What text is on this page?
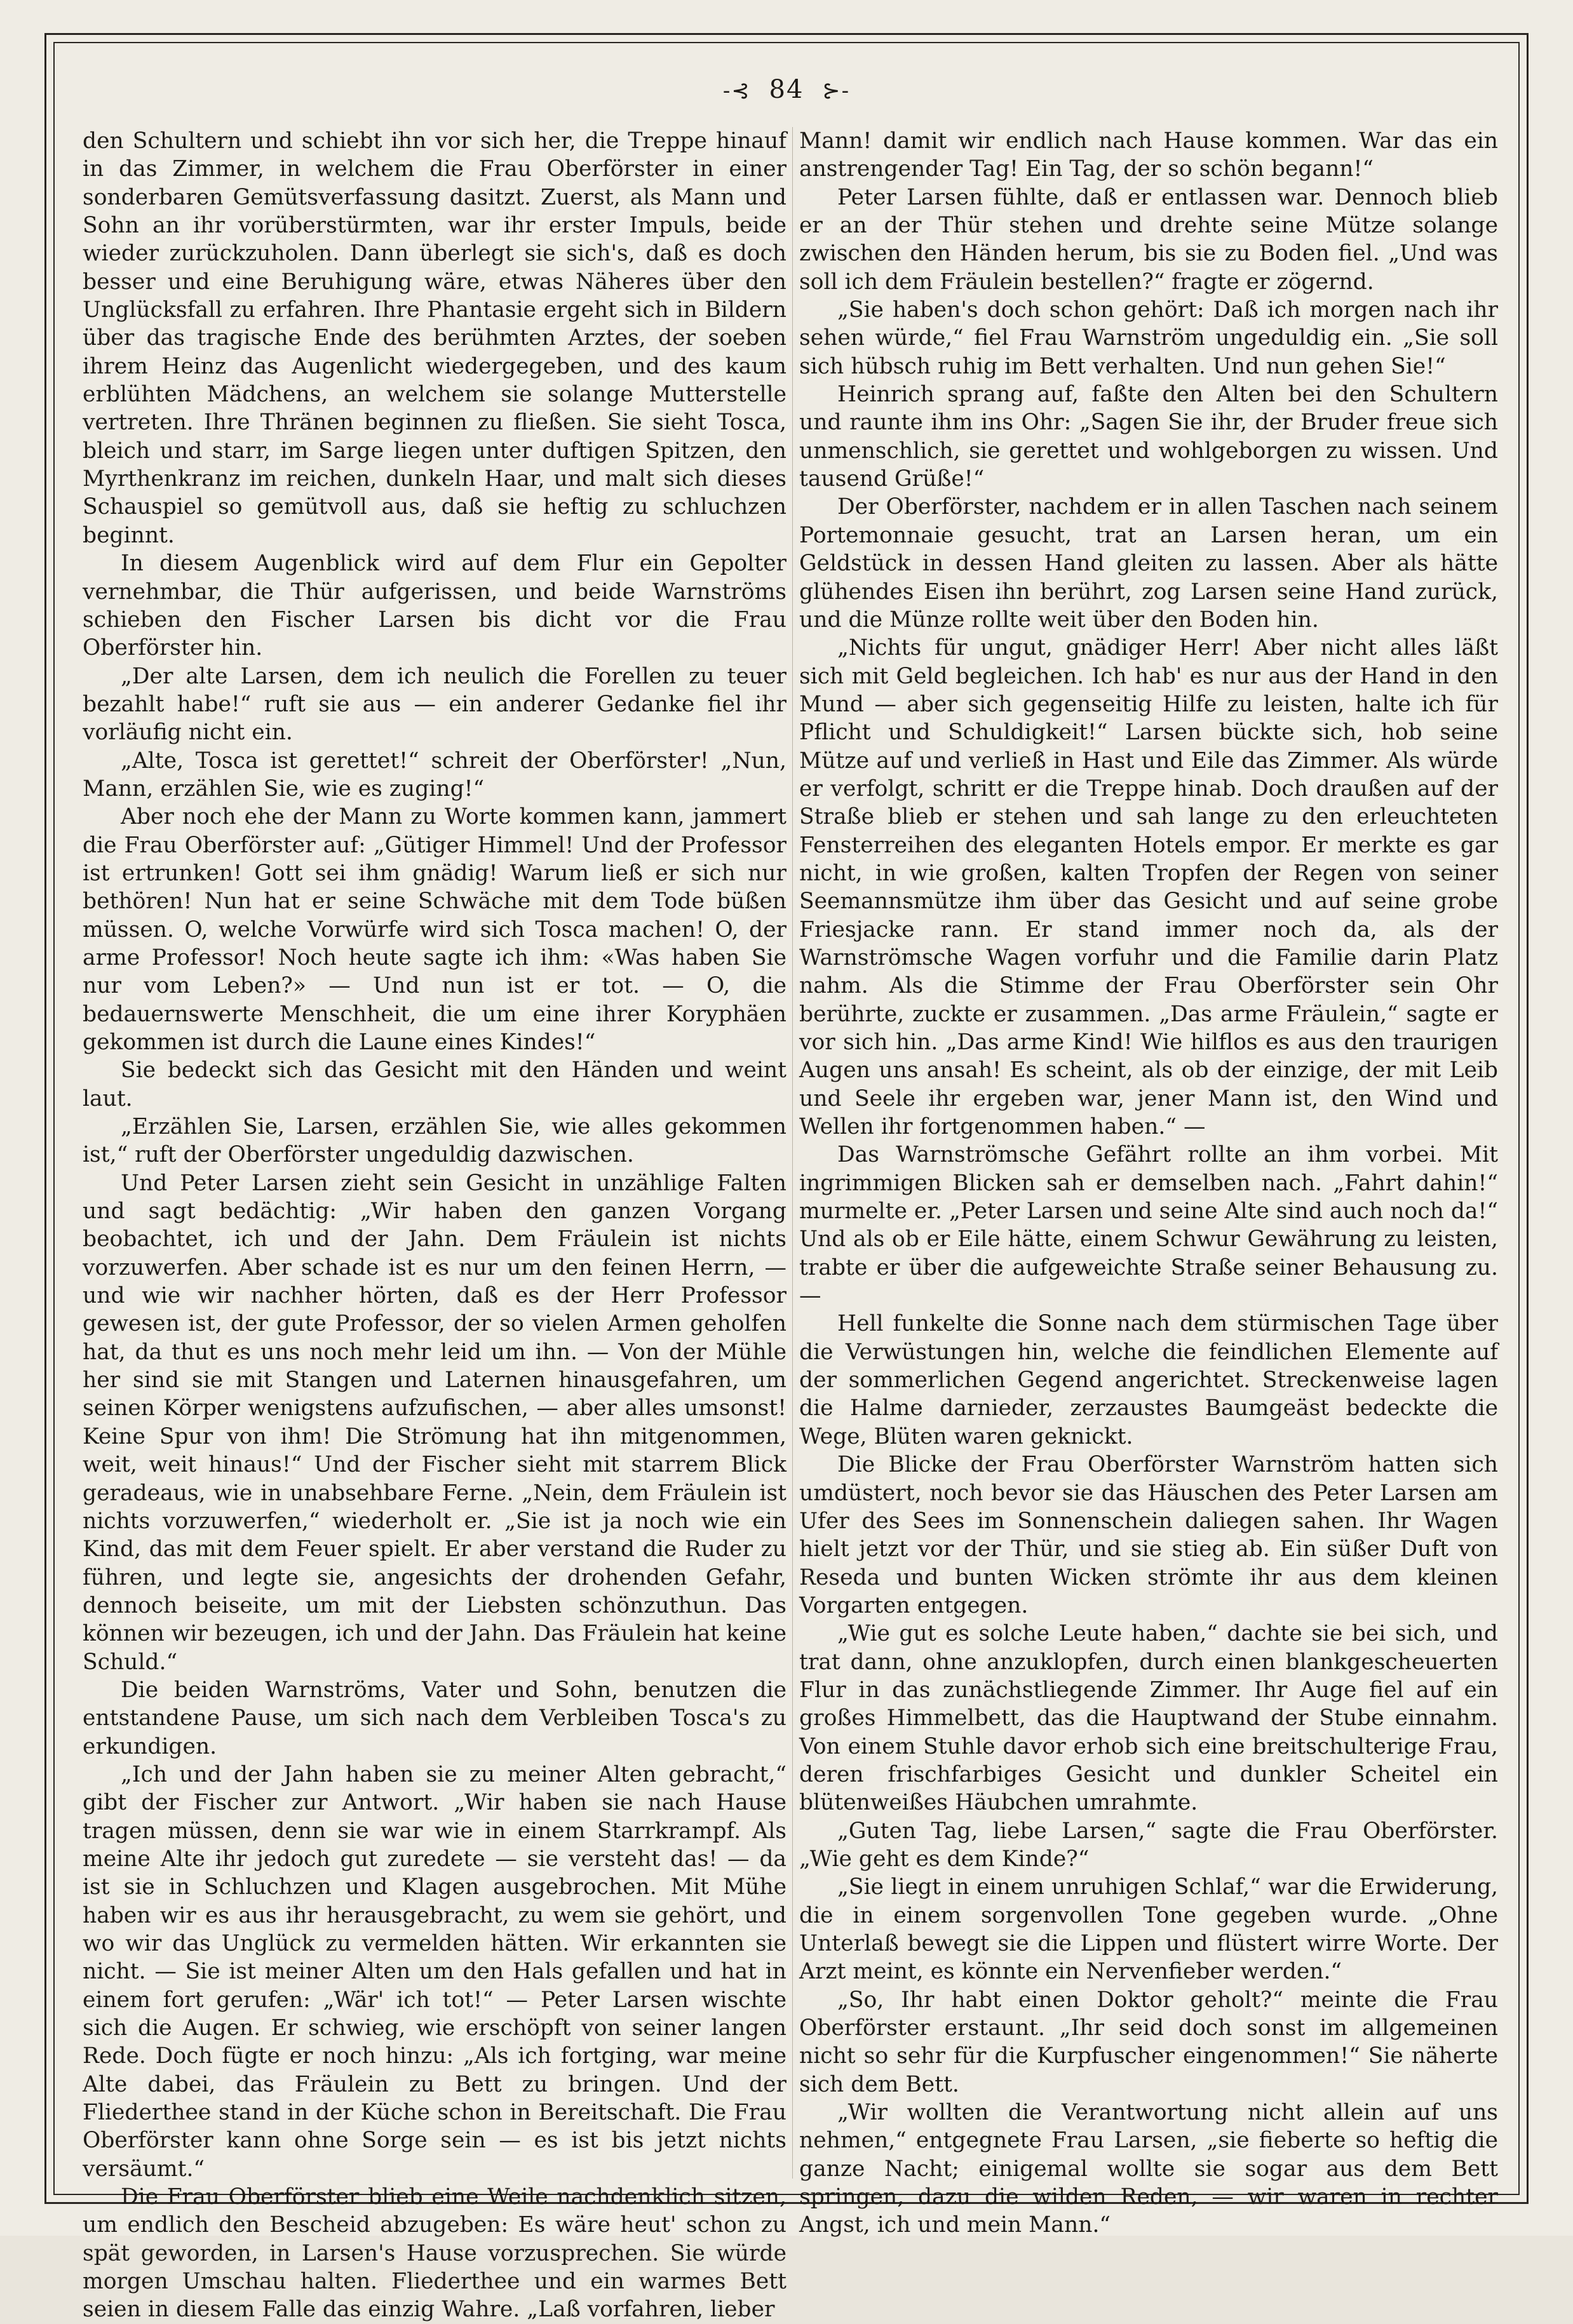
-⊰ 84 ⊱-

den Schultern und schiebt ihn vor sich her, die Treppe hinauf in das Zimmer, in welchem die Frau Oberförster in einer sonderbaren Gemütsverfassung dasitzt. Zuerst, als Mann und Sohn an ihr vorüberstürmten, war ihr erster Impuls, beide wieder zurückzuholen. Dann überlegt sie sich's, daß es doch besser und eine Beruhigung wäre, etwas Näheres über den Unglücksfall zu erfahren. Ihre Phantasie ergeht sich in Bildern über das tragische Ende des berühmten Arztes, der soeben ihrem Heinz das Augenlicht wiedergegeben, und des kaum erblühten Mädchens, an welchem sie solange Mutterstelle vertreten. Ihre Thränen beginnen zu fließen. Sie sieht Tosca, bleich und starr, im Sarge liegen unter duftigen Spitzen, den Myrthenkranz im reichen, dunkeln Haar, und malt sich dieses Schauspiel so gemütvoll aus, daß sie heftig zu schluchzen beginnt.

In diesem Augenblick wird auf dem Flur ein Gepolter vernehmbar, die Thür aufgerissen, und beide Warnströms schieben den Fischer Larsen bis dicht vor die Frau Oberförster hin.

„Der alte Larsen, dem ich neulich die Forellen zu teuer bezahlt habe!“ ruft sie aus — ein anderer Gedanke fiel ihr vorläufig nicht ein.

„Alte, Tosca ist gerettet!“ schreit der Oberförster! „Nun, Mann, erzählen Sie, wie es zuging!“

Aber noch ehe der Mann zu Worte kommen kann, jammert die Frau Oberförster auf: „Gütiger Himmel! Und der Professor ist ertrunken! Gott sei ihm gnädig! Warum ließ er sich nur bethören! Nun hat er seine Schwäche mit dem Tode büßen müssen. O, welche Vorwürfe wird sich Tosca machen! O, der arme Professor! Noch heute sagte ich ihm: «Was haben Sie nur vom Leben?» — Und nun ist er tot. — O, die bedauernswerte Menschheit, die um eine ihrer Koryphäen gekommen ist durch die Laune eines Kindes!“

Sie bedeckt sich das Gesicht mit den Händen und weint laut.

„Erzählen Sie, Larsen, erzählen Sie, wie alles gekommen ist,“ ruft der Oberförster ungeduldig dazwischen.

Und Peter Larsen zieht sein Gesicht in unzählige Falten und sagt bedächtig: „Wir haben den ganzen Vorgang beobachtet, ich und der Jahn. Dem Fräulein ist nichts vorzuwerfen. Aber schade ist es nur um den feinen Herrn, — und wie wir nachher hörten, daß es der Herr Professor gewesen ist, der gute Professor, der so vielen Armen geholfen hat, da thut es uns noch mehr leid um ihn. — Von der Mühle her sind sie mit Stangen und Laternen hinausgefahren, um seinen Körper wenigstens aufzufischen, — aber alles umsonst! Keine Spur von ihm! Die Strömung hat ihn mitgenommen, weit, weit hinaus!“ Und der Fischer sieht mit starrem Blick geradeaus, wie in unabsehbare Ferne. „Nein, dem Fräulein ist nichts vorzuwerfen,“ wiederholt er. „Sie ist ja noch wie ein Kind, das mit dem Feuer spielt. Er aber verstand die Ruder zu führen, und legte sie, angesichts der drohenden Gefahr, dennoch beiseite, um mit der Liebsten schönzuthun. Das können wir bezeugen, ich und der Jahn. Das Fräulein hat keine Schuld.“

Die beiden Warnströms, Vater und Sohn, benutzen die entstandene Pause, um sich nach dem Verbleiben Tosca's zu erkundigen.

„Ich und der Jahn haben sie zu meiner Alten gebracht,“ gibt der Fischer zur Antwort. „Wir haben sie nach Hause tragen müssen, denn sie war wie in einem Starrkrampf. Als meine Alte ihr jedoch gut zuredete — sie versteht das! — da ist sie in Schluchzen und Klagen ausgebrochen. Mit Mühe haben wir es aus ihr herausgebracht, zu wem sie gehört, und wo wir das Unglück zu vermelden hätten. Wir erkannten sie nicht. — Sie ist meiner Alten um den Hals gefallen und hat in einem fort gerufen: „Wär' ich tot!“ — Peter Larsen wischte sich die Augen. Er schwieg, wie erschöpft von seiner langen Rede. Doch fügte er noch hinzu: „Als ich fortging, war meine Alte dabei, das Fräulein zu Bett zu bringen. Und der Fliederthee stand in der Küche schon in Bereitschaft. Die Frau Oberförster kann ohne Sorge sein — es ist bis jetzt nichts versäumt.“

Die Frau Oberförster blieb eine Weile nachdenklich sitzen, um endlich den Bescheid abzugeben: Es wäre heut' schon zu spät geworden, in Larsen's Hause vorzusprechen. Sie würde morgen Umschau halten. Fliederthee und ein warmes Bett seien in diesem Falle das einzig Wahre. „Laß vorfahren, lieber

Mann! damit wir endlich nach Hause kommen. War das ein anstrengender Tag! Ein Tag, der so schön begann!“

Peter Larsen fühlte, daß er entlassen war. Dennoch blieb er an der Thür stehen und drehte seine Mütze solange zwischen den Händen herum, bis sie zu Boden fiel. „Und was soll ich dem Fräulein bestellen?“ fragte er zögernd.

„Sie haben's doch schon gehört: Daß ich morgen nach ihr sehen würde,“ fiel Frau Warnström ungeduldig ein. „Sie soll sich hübsch ruhig im Bett verhalten. Und nun gehen Sie!“

Heinrich sprang auf, faßte den Alten bei den Schultern und raunte ihm ins Ohr: „Sagen Sie ihr, der Bruder freue sich unmenschlich, sie gerettet und wohlgeborgen zu wissen. Und tausend Grüße!“

Der Oberförster, nachdem er in allen Taschen nach seinem Portemonnaie gesucht, trat an Larsen heran, um ein Geldstück in dessen Hand gleiten zu lassen. Aber als hätte glühendes Eisen ihn berührt, zog Larsen seine Hand zurück, und die Münze rollte weit über den Boden hin.

„Nichts für ungut, gnädiger Herr! Aber nicht alles läßt sich mit Geld begleichen. Ich hab' es nur aus der Hand in den Mund — aber sich gegenseitig Hilfe zu leisten, halte ich für Pflicht und Schuldigkeit!“ Larsen bückte sich, hob seine Mütze auf und verließ in Hast und Eile das Zimmer. Als würde er verfolgt, schritt er die Treppe hinab. Doch draußen auf der Straße blieb er stehen und sah lange zu den erleuchteten Fensterreihen des eleganten Hotels empor. Er merkte es gar nicht, in wie großen, kalten Tropfen der Regen von seiner Seemannsmütze ihm über das Gesicht und auf seine grobe Friesjacke rann. Er stand immer noch da, als der Warnströmsche Wagen vorfuhr und die Familie darin Platz nahm. Als die Stimme der Frau Oberförster sein Ohr berührte, zuckte er zusammen. „Das arme Fräulein,“ sagte er vor sich hin. „Das arme Kind! Wie hilflos es aus den traurigen Augen uns ansah! Es scheint, als ob der einzige, der mit Leib und Seele ihr ergeben war, jener Mann ist, den Wind und Wellen ihr fortgenommen haben.“ —

Das Warnströmsche Gefährt rollte an ihm vorbei. Mit ingrimmigen Blicken sah er demselben nach. „Fahrt dahin!“ murmelte er. „Peter Larsen und seine Alte sind auch noch da!“ Und als ob er Eile hätte, einem Schwur Gewährung zu leisten, trabte er über die aufgeweichte Straße seiner Behausung zu. —

Hell funkelte die Sonne nach dem stürmischen Tage über die Verwüstungen hin, welche die feindlichen Elemente auf der sommerlichen Gegend angerichtet. Streckenweise lagen die Halme darnieder, zerzaustes Baumgeäst bedeckte die Wege, Blüten waren geknickt.

Die Blicke der Frau Oberförster Warnström hatten sich umdüstert, noch bevor sie das Häuschen des Peter Larsen am Ufer des Sees im Sonnenschein daliegen sahen. Ihr Wagen hielt jetzt vor der Thür, und sie stieg ab. Ein süßer Duft von Reseda und bunten Wicken strömte ihr aus dem kleinen Vorgarten entgegen.

„Wie gut es solche Leute haben,“ dachte sie bei sich, und trat dann, ohne anzuklopfen, durch einen blankgescheuerten Flur in das zunächstliegende Zimmer. Ihr Auge fiel auf ein großes Himmelbett, das die Hauptwand der Stube einnahm. Von einem Stuhle davor erhob sich eine breitschulterige Frau, deren frischfarbiges Gesicht und dunkler Scheitel ein blütenweißes Häubchen umrahmte.

„Guten Tag, liebe Larsen,“ sagte die Frau Oberförster. „Wie geht es dem Kinde?“

„Sie liegt in einem unruhigen Schlaf,“ war die Erwiderung, die in einem sorgenvollen Tone gegeben wurde. „Ohne Unterlaß bewegt sie die Lippen und flüstert wirre Worte. Der Arzt meint, es könnte ein Nervenfieber werden.“

„So, Ihr habt einen Doktor geholt?“ meinte die Frau Oberförster erstaunt. „Ihr seid doch sonst im allgemeinen nicht so sehr für die Kurpfuscher eingenommen!“ Sie näherte sich dem Bett.

„Wir wollten die Verantwortung nicht allein auf uns nehmen,“ entgegnete Frau Larsen, „sie fieberte so heftig die ganze Nacht; einigemal wollte sie sogar aus dem Bett springen, dazu die wilden Reden, — wir waren in rechter Angst, ich und mein Mann.“
